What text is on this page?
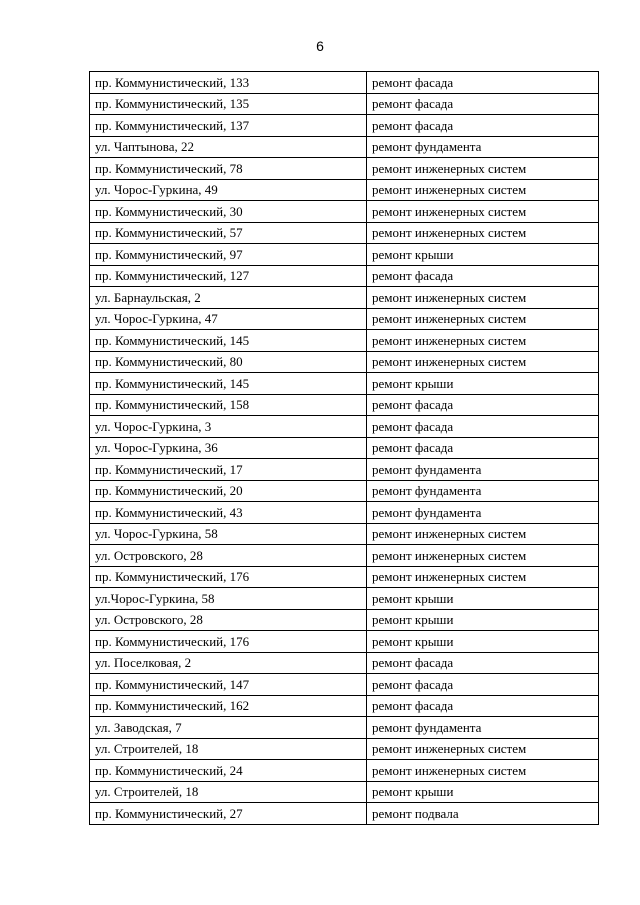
6
пр. Коммунистический, 133	ремонт фасада
пр. Коммунистический, 135	ремонт фасада
пр. Коммунистический, 137	ремонт фасада
ул. Чаптынова, 22	ремонт фундамента
пр. Коммунистический, 78	ремонт инженерных систем
ул. Чорос-Гуркина, 49	ремонт инженерных систем
пр. Коммунистический, 30	ремонт инженерных систем
пр. Коммунистический, 57	ремонт инженерных систем
пр. Коммунистический, 97	ремонт крыши
пр. Коммунистический, 127	ремонт фасада
ул. Барнаульская, 2	ремонт инженерных систем
ул. Чорос-Гуркина, 47	ремонт инженерных систем
пр. Коммунистический, 145	ремонт инженерных систем
пр. Коммунистический, 80	ремонт инженерных систем
пр. Коммунистический, 145	ремонт крыши
пр. Коммунистический, 158	ремонт фасада
ул. Чорос-Гуркина, 3	ремонт фасада
ул. Чорос-Гуркина, 36	ремонт фасада
пр. Коммунистический, 17	ремонт фундамента
пр. Коммунистический, 20	ремонт фундамента
пр. Коммунистический, 43	ремонт фундамента
ул. Чорос-Гуркина, 58	ремонт инженерных систем
ул. Островского, 28	ремонт инженерных систем
пр. Коммунистический, 176	ремонт инженерных систем
ул.Чорос-Гуркина, 58	ремонт крыши
ул. Островского, 28	ремонт крыши
пр. Коммунистический, 176	ремонт крыши
ул. Поселковая, 2	ремонт фасада
пр. Коммунистический, 147	ремонт фасада
пр. Коммунистический, 162	ремонт фасада
ул. Заводская, 7	ремонт фундамента
ул. Строителей, 18	ремонт инженерных систем
пр. Коммунистический, 24	ремонт инженерных систем
ул. Строителей, 18	ремонт крыши
пр. Коммунистический, 27	ремонт подвала
